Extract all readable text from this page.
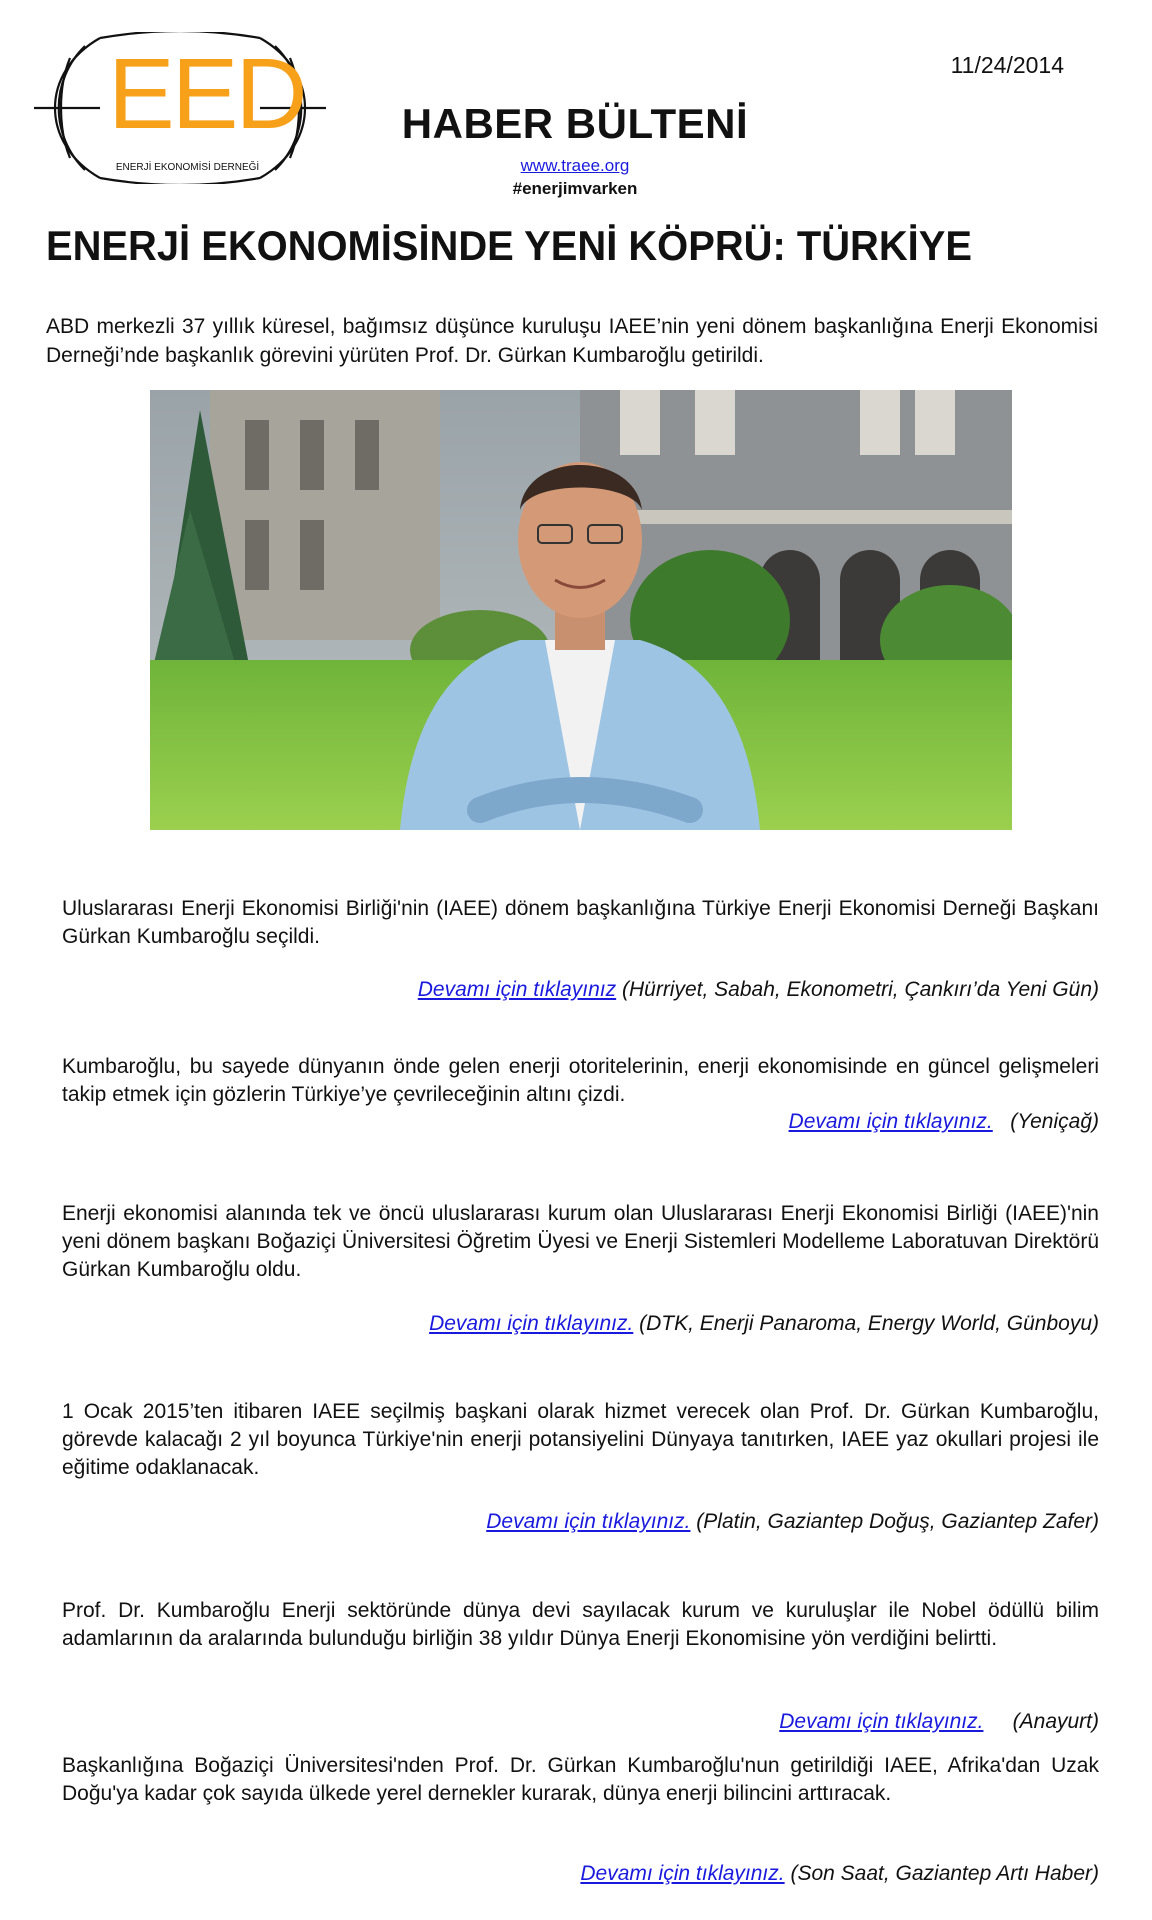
EED
ENERJİ EKONOMİSİ DERNEĞİ
11/24/2014
HABER BÜLTENİ
www.traee.org
#enerjimvarken
ENERJİ EKONOMİSİNDE YENİ KÖPRÜ: TÜRKİYE
ABD merkezli 37 yıllık küresel, bağımsız düşünce kuruluşu IAEE’nin yeni dönem başkanlığına Enerji Ekonomisi Derneği’nde başkanlık görevini yürüten Prof. Dr. Gürkan Kumbaroğlu getirildi.
Uluslararası Enerji Ekonomisi Birliği'nin (IAEE) dönem başkanlığına Türkiye Enerji Ekonomisi Derneği Başkanı Gürkan Kumbaroğlu seçildi.
Devamı için tıklayınız (Hürriyet, Sabah, Ekonometri, Çankırı’da Yeni Gün)
Kumbaroğlu, bu sayede dünyanın önde gelen enerji otoritelerinin, enerji ekonomisinde en güncel gelişmeleri takip etmek için gözlerin Türkiye’ye çevrileceğinin altını çizdi.
Devamı için tıklayınız. (Yeniçağ)
Enerji ekonomisi alanında tek ve öncü uluslararası kurum olan Uluslararası Enerji Ekonomisi Birliği (IAEE)'nin yeni dönem başkanı Boğaziçi Üniversitesi Öğretim Üyesi ve Enerji Sistemleri Modelleme Laboratuvan Direktörü Gürkan Kumbaroğlu oldu.
Devamı için tıklayınız. (DTK, Enerji Panaroma, Energy World, Günboyu)
1 Ocak 2015’ten itibaren IAEE seçilmiş başkani olarak hizmet verecek olan Prof. Dr. Gürkan Kumbaroğlu, görevde kalacağı 2 yıl boyunca Türkiye'nin enerji potansiyelini Dünyaya tanıtırken, IAEE yaz okullari projesi ile eğitime odaklanacak.
Devamı için tıklayınız. (Platin, Gaziantep Doğuş, Gaziantep Zafer)
Prof. Dr. Kumbaroğlu Enerji sektöründe dünya devi sayılacak kurum ve kuruluşlar ile Nobel ödüllü bilim adamlarının da aralarında bulunduğu birliğin 38 yıldır Dünya Enerji Ekonomisine yön verdiğini belirtti.
Devamı için tıklayınız. (Anayurt)
Başkanlığına Boğaziçi Üniversitesi'nden Prof. Dr. Gürkan Kumbaroğlu'nun getirildiği IAEE, Afrika'dan Uzak Doğu'ya kadar çok sayıda ülkede yerel dernekler kurarak, dünya enerji bilincini arttıracak.
Devamı için tıklayınız. (Son Saat, Gaziantep Artı Haber)
